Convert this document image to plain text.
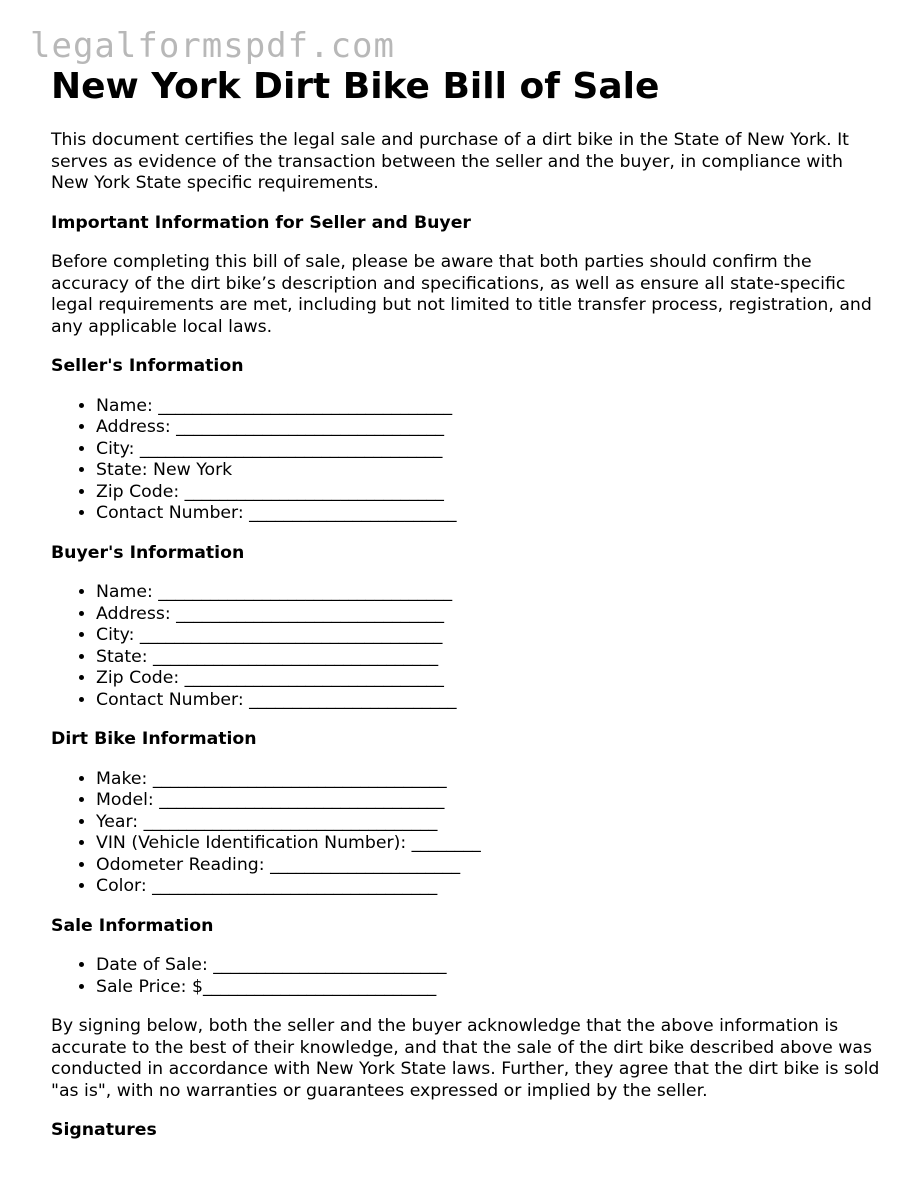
legalformspdf.com
New York Dirt Bike Bill of Sale

This document certifies the legal sale and purchase of a dirt bike in the State of New York. It serves as evidence of the transaction between the seller and the buyer, in compliance with New York State specific requirements.

Important Information for Seller and Buyer

Before completing this bill of sale, please be aware that both parties should confirm the accuracy of the dirt bike’s description and specifications, as well as ensure all state-specific legal requirements are met, including but not limited to title transfer process, registration, and any applicable local laws.

Seller's Information
• Name: __________________________________
• Address: _______________________________
• City: ___________________________________
• State: New York
• Zip Code: ______________________________
• Contact Number: ________________________
Buyer's Information
• Name: __________________________________
• Address: _______________________________
• City: ___________________________________
• State: _________________________________
• Zip Code: ______________________________
• Contact Number: ________________________
Dirt Bike Information
• Make: __________________________________
• Model: _________________________________
• Year: __________________________________
• VIN (Vehicle Identification Number): ________
• Odometer Reading: ______________________
• Color: _________________________________
Sale Information
• Date of Sale: ___________________________
• Sale Price: $___________________________

By signing below, both the seller and the buyer acknowledge that the above information is accurate to the best of their knowledge, and that the sale of the dirt bike described above was conducted in accordance with New York State laws. Further, they agree that the dirt bike is sold "as is", with no warranties or guarantees expressed or implied by the seller.

Signatures
